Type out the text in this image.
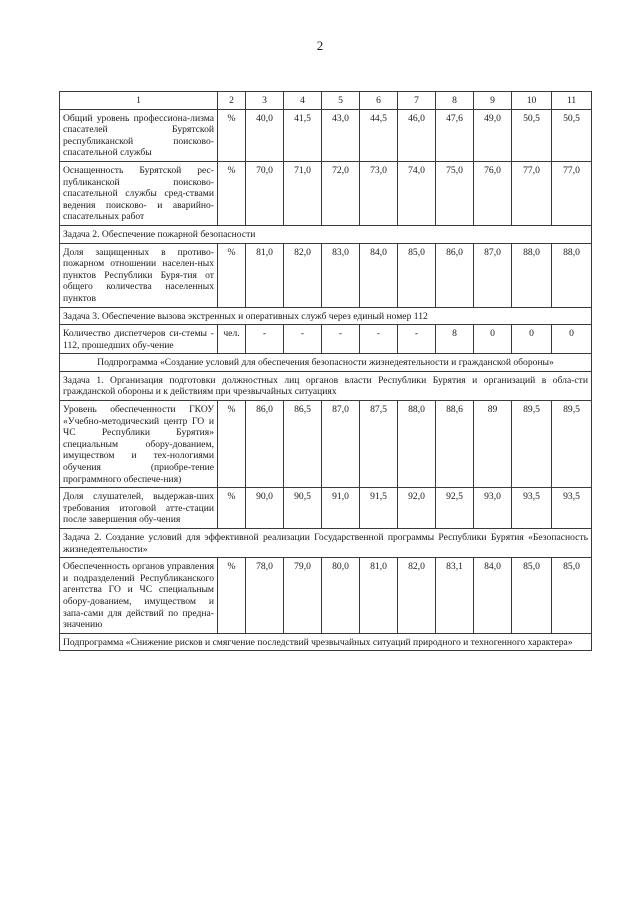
2
1	2	3	4	5	6	7	8	9	10	11
Общий уровень профессиона-лизма спасателей Бурятской республиканской поисково-спасательной службы	%	40,0	41,5	43,0	44,5	46,0	47,6	49,0	50,5	50,5
Оснащенность Бурятской рес-публиканской поисково-спасательной службы сред-ствами ведения поисково- и аварийно-спасательных работ	%	70,0	71,0	72,0	73,0	74,0	75,0	76,0	77,0	77,0
Задача 2. Обеспечение пожарной безопасности										
Доля защищенных в противо-пожарном отношении населен-ных пунктов Республики Буря-тия от общего количества населенных пунктов	%	81,0	82,0	83,0	84,0	85,0	86,0	87,0	88,0	88,0
Задача 3. Обеспечение вызова экстренных и оперативных служб через единый номер 112										
Количество диспетчеров си-стемы - 112, прошедших обу-чение	чел.	-	-	-	-	-	8	0	0	0
Подпрограмма «Создание условий для обеспечения безопасности жизнедеятельности и гражданской обороны»										
Задача 1. Организация подготовки должностных лиц органов власти Республики Бурятия и организаций в обла-сти гражданской обороны и к действиям при чрезвычайных ситуациях										
Уровень обеспеченности ГКОУ «Учебно-методический центр ГО и ЧС Республики Бурятия» специальным обору-дованием, имуществом и тех-нологиями обучения (приобре-тение программного обеспече-ния)	%	86,0	86,5	87,0	87,5	88,0	88,6	89	89,5	89,5
Доля слушателей, выдержав-ших требования итоговой атте-стации после завершения обу-чения	%	90,0	90,5	91,0	91,5	92,0	92,5	93,0	93,5	93,5
Задача 2. Создание условий для эффективной реализации Государственной программы Республики Бурятия «Безопасность жизнедеятельности»										
Обеспеченность органов управления и подразделений Республиканского агентства ГО и ЧС специальным обору-дованием, имуществом и запа-сами для действий по предна-значению	%	78,0	79,0	80,0	81,0	82,0	83,1	84,0	85,0	85,0
Подпрограмма «Снижение рисков и смягчение последствий чрезвычайных ситуаций природного и техногенного характера»										
